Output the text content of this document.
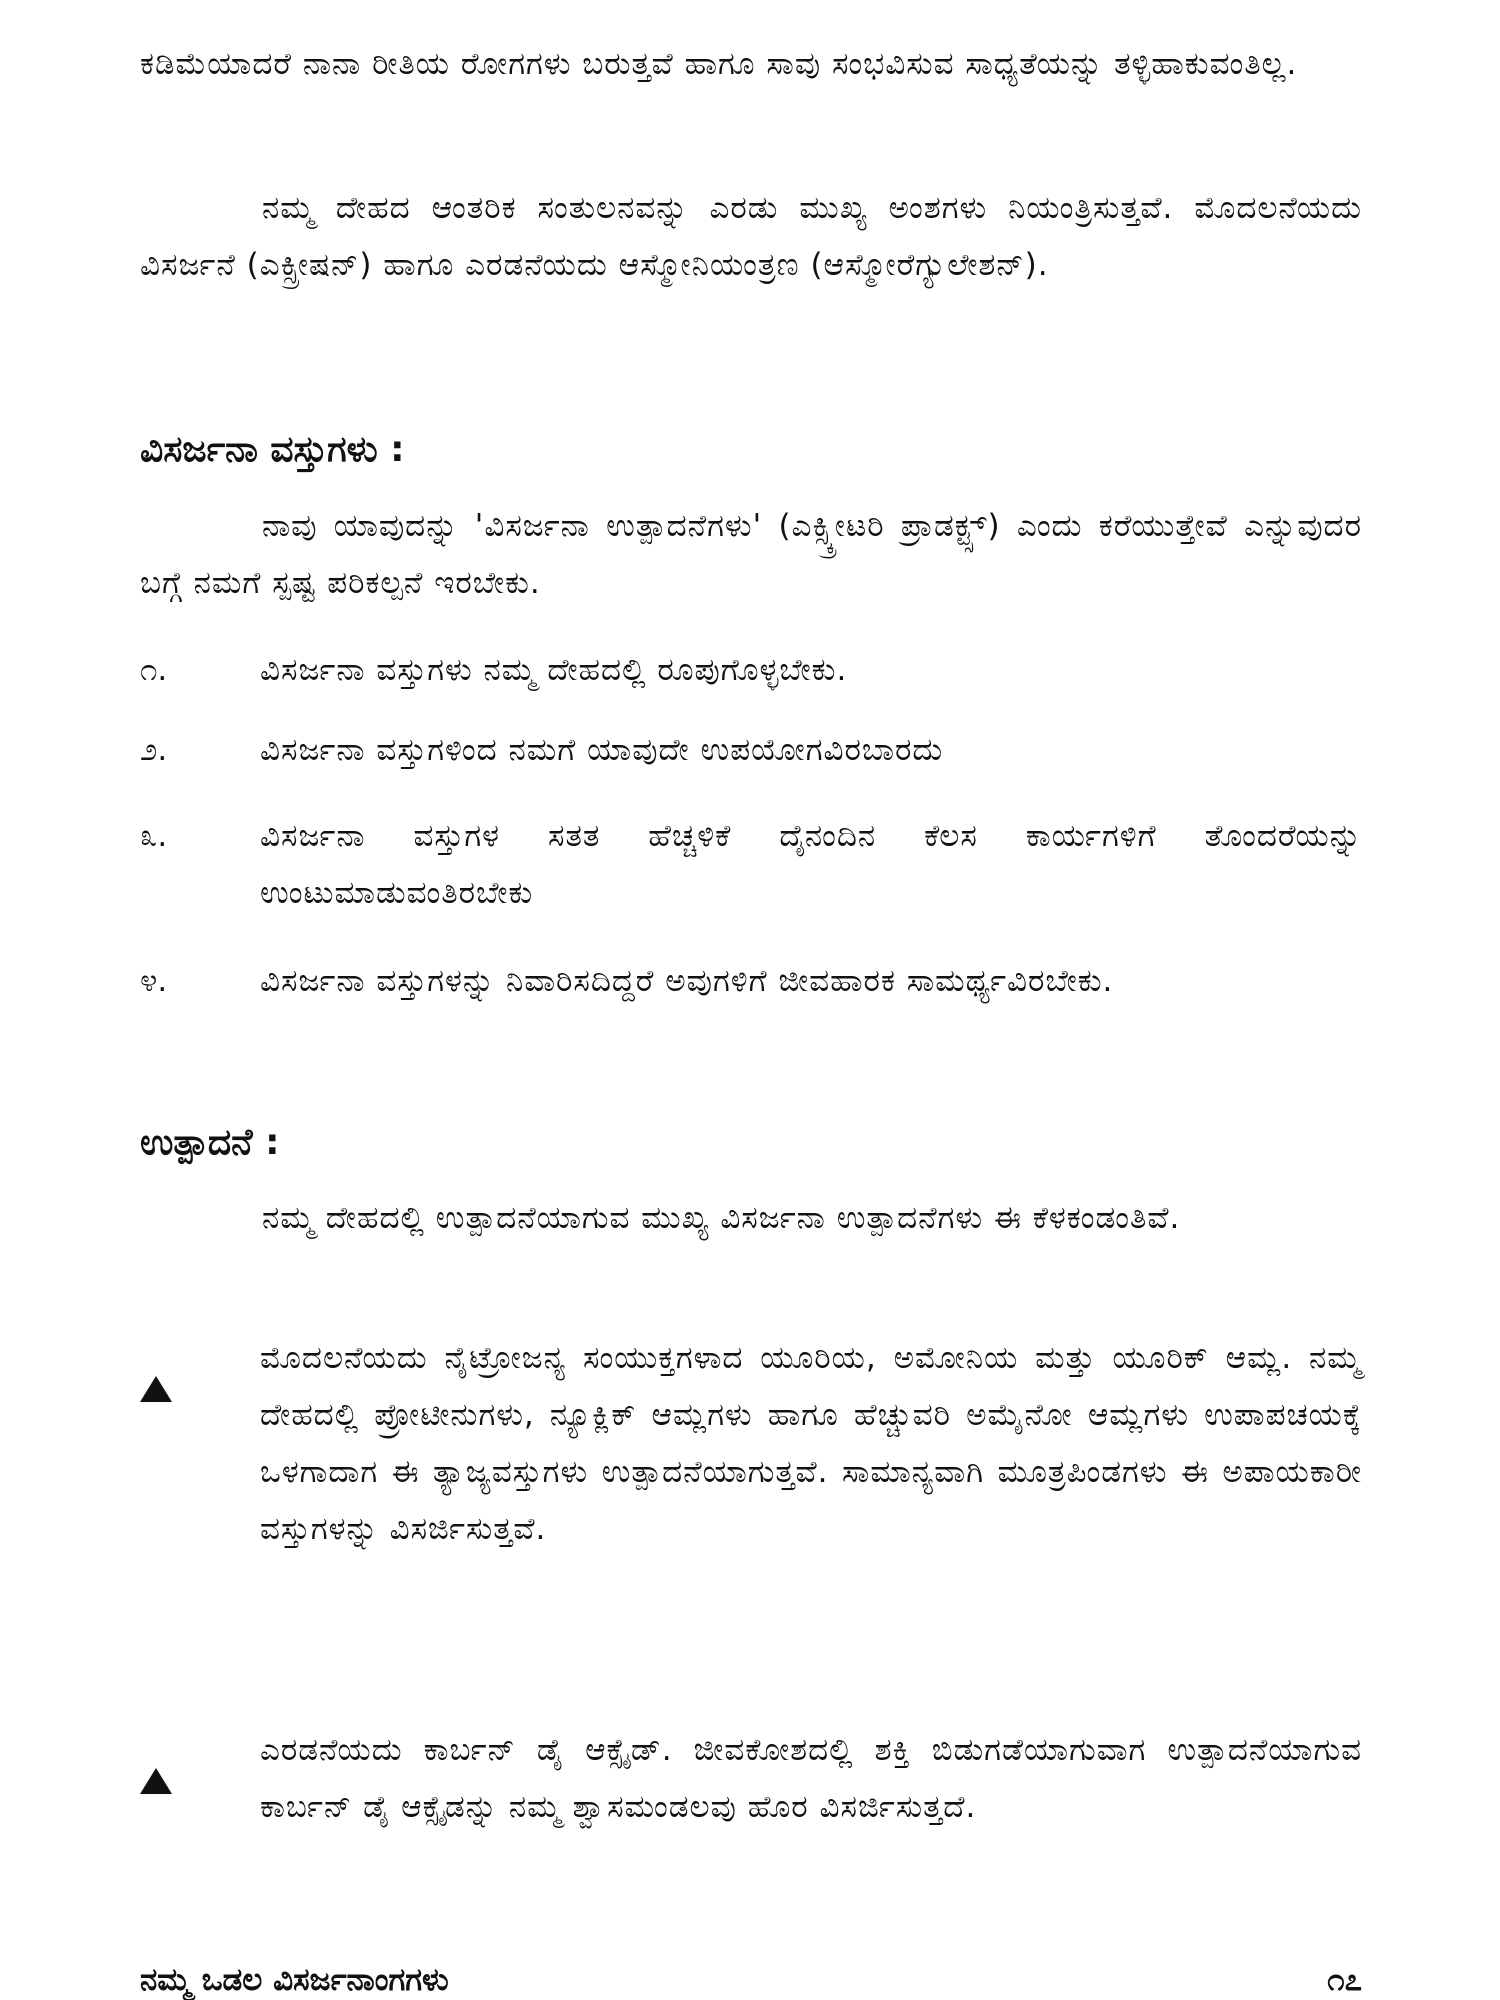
ಕಡಿಮೆಯಾದರೆ ನಾನಾ ರೀತಿಯ ರೋಗಗಳು ಬರುತ್ತವೆ ಹಾಗೂ ಸಾವು ಸಂಭವಿಸುವ ಸಾಧ್ಯತೆಯನ್ನು ತಳ್ಳಿಹಾಕುವಂತಿಲ್ಲ.

ನಮ್ಮ ದೇಹದ ಆಂತರಿಕ ಸಂತುಲನವನ್ನು ಎರಡು ಮುಖ್ಯ ಅಂಶಗಳು ನಿಯಂತ್ರಿಸುತ್ತವೆ. ಮೊದಲನೆಯದು ವಿಸರ್ಜನೆ (ಎಕ್ಸ್ರೀಷನ್) ಹಾಗೂ ಎರಡನೆಯದು ಆಸ್ಮೋನಿಯಂತ್ರಣ (ಆಸ್ಮೋರೆಗ್ಯುಲೇಶನ್).

ವಿಸರ್ಜನಾ ವಸ್ತುಗಳು :

ನಾವು ಯಾವುದನ್ನು 'ವಿಸರ್ಜನಾ ಉತ್ಪಾದನೆಗಳು' (ಎಕ್ಸ್ಕ್ರೀಟರಿ ಪ್ರಾಡಕ್ಟ್ಸ್) ಎಂದು ಕರೆಯುತ್ತೇವೆ ಎನ್ನುವುದರ ಬಗ್ಗೆ ನಮಗೆ ಸ್ಪಷ್ಟ ಪರಿಕಲ್ಪನೆ ಇರಬೇಕು.

೧.	ವಿಸರ್ಜನಾ ವಸ್ತುಗಳು ನಮ್ಮ ದೇಹದಲ್ಲಿ ರೂಪುಗೊಳ್ಳಬೇಕು.
೨.	ವಿಸರ್ಜನಾ ವಸ್ತುಗಳಿಂದ ನಮಗೆ ಯಾವುದೇ ಉಪಯೋಗವಿರಬಾರದು
೩.	ವಿಸರ್ಜನಾ ವಸ್ತುಗಳ ಸತತ ಹೆಚ್ಚಳಿಕೆ ದೈನಂದಿನ ಕೆಲಸ ಕಾರ್ಯಗಳಿಗೆ ತೊಂದರೆಯನ್ನು ಉಂಟುಮಾಡುವಂತಿರಬೇಕು
೪.	ವಿಸರ್ಜನಾ ವಸ್ತುಗಳನ್ನು ನಿವಾರಿಸದಿದ್ದರೆ ಅವುಗಳಿಗೆ ಜೀವಹಾರಕ ಸಾಮರ್ಥ್ಯವಿರಬೇಕು.
ಉತ್ಪಾದನೆ :

ನಮ್ಮ ದೇಹದಲ್ಲಿ ಉತ್ಪಾದನೆಯಾಗುವ ಮುಖ್ಯ ವಿಸರ್ಜನಾ ಉತ್ಪಾದನೆಗಳು ಈ ಕೆಳಕಂಡಂತಿವೆ.

ಮೊದಲನೆಯದು ನೈಟ್ರೋಜನ್ಯ ಸಂಯುಕ್ತಗಳಾದ ಯೂರಿಯ, ಅಮೋನಿಯ ಮತ್ತು ಯೂರಿಕ್ ಆಮ್ಲ. ನಮ್ಮ ದೇಹದಲ್ಲಿ ಪ್ರೋಟೀನುಗಳು, ನ್ಯೂಕ್ಲಿಕ್ ಆಮ್ಲಗಳು ಹಾಗೂ ಹೆಚ್ಚುವರಿ ಅಮೈನೋ ಆಮ್ಲಗಳು ಉಪಾಪಚಯಕ್ಕೆ ಒಳಗಾದಾಗ ಈ ತ್ಯಾಜ್ಯವಸ್ತುಗಳು ಉತ್ಪಾದನೆಯಾಗುತ್ತವೆ. ಸಾಮಾನ್ಯವಾಗಿ ಮೂತ್ರಪಿಂಡಗಳು ಈ ಅಪಾಯಕಾರೀ ವಸ್ತುಗಳನ್ನು ವಿಸರ್ಜಿಸುತ್ತವೆ.
ಎರಡನೆಯದು ಕಾರ್ಬನ್ ಡೈ ಆಕ್ಸೈಡ್. ಜೀವಕೋಶದಲ್ಲಿ ಶಕ್ತಿ ಬಿಡುಗಡೆಯಾಗುವಾಗ ಉತ್ಪಾದನೆಯಾಗುವ ಕಾರ್ಬನ್ ಡೈ ಆಕ್ಸೈಡನ್ನು ನಮ್ಮ ಶ್ವಾಸಮಂಡಲವು ಹೊರ ವಿಸರ್ಜಿಸುತ್ತದೆ.
ನಮ್ಮ ಒಡಲ ವಿಸರ್ಜನಾಂಗಗಳು	೧೭
